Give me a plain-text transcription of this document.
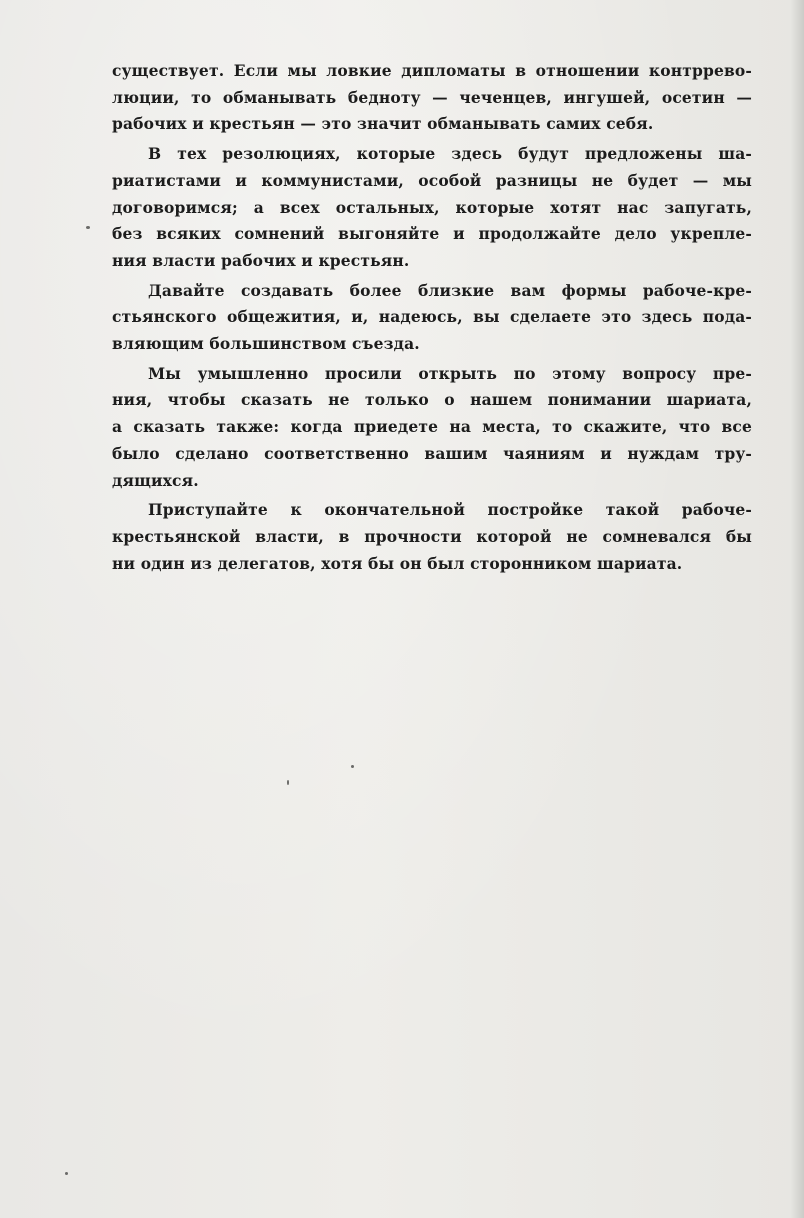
существует. Если мы ловкие дипломаты в отношении контррево-
люции, то обманывать бедноту — чеченцев, ингушей, осетин —
рабочих и крестьян — это значит обманывать самих себя.

В тех резолюциях, которые здесь будут предложены ша-
риатистами и коммунистами, особой разницы не будет — мы
договоримся; а всех остальных, которые хотят нас запугать,
без всяких сомнений выгоняйте и продолжайте дело укрепле-
ния власти рабочих и крестьян.

Давайте создавать более близкие вам формы рабоче-кре-
стьянского общежития, и, надеюсь, вы сделаете это здесь пода-
вляющим большинством съезда.

Мы умышленно просили открыть по этому вопросу пре-
ния, чтобы сказать не только о нашем понимании шариата,
а сказать также: когда приедете на места, то скажите, что все
было сделано соответственно вашим чаяниям и нуждам тру-
дящихся.

Приступайте к окончательной постройке такой рабоче-
крестьянской власти, в прочности которой не сомневался бы
ни один из делегатов, хотя бы он был сторонником шариата.
